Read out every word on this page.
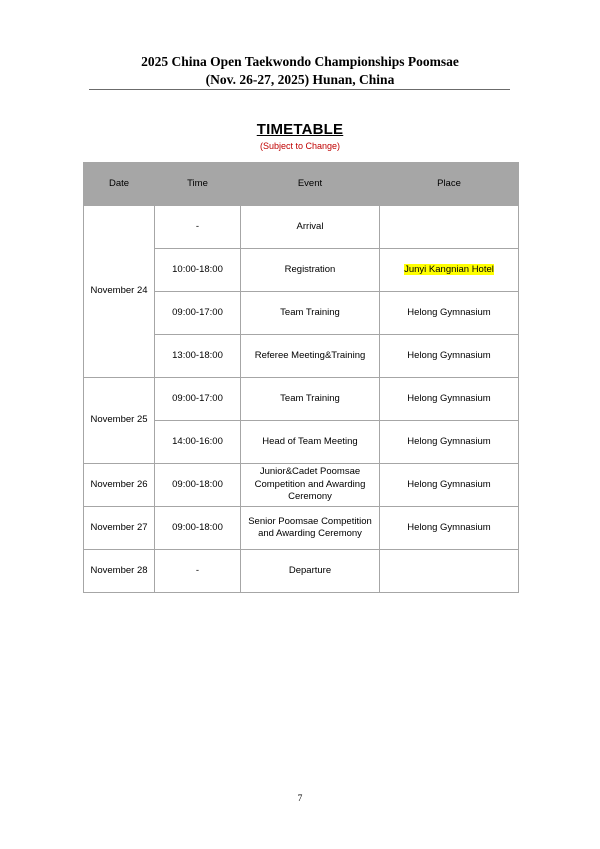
2025 China Open Taekwondo Championships Poomsae
(Nov. 26-27, 2025) Hunan, China
TIMETABLE
(Subject to Change)
Date	Time	Event	Place
November 24	-	Arrival	
	10:00-18:00	Registration	Junyi Kangnian Hotel
	09:00-17:00	Team Training	Helong Gymnasium
	13:00-18:00	Referee Meeting&Training	Helong Gymnasium
November 25	09:00-17:00	Team Training	Helong Gymnasium
	14:00-16:00	Head of Team Meeting	Helong Gymnasium
November 26	09:00-18:00	Junior&Cadet Poomsae Competition and Awarding Ceremony	Helong Gymnasium
November 27	09:00-18:00	Senior Poomsae Competition and Awarding Ceremony	Helong Gymnasium
November 28	-	Departure	
7
